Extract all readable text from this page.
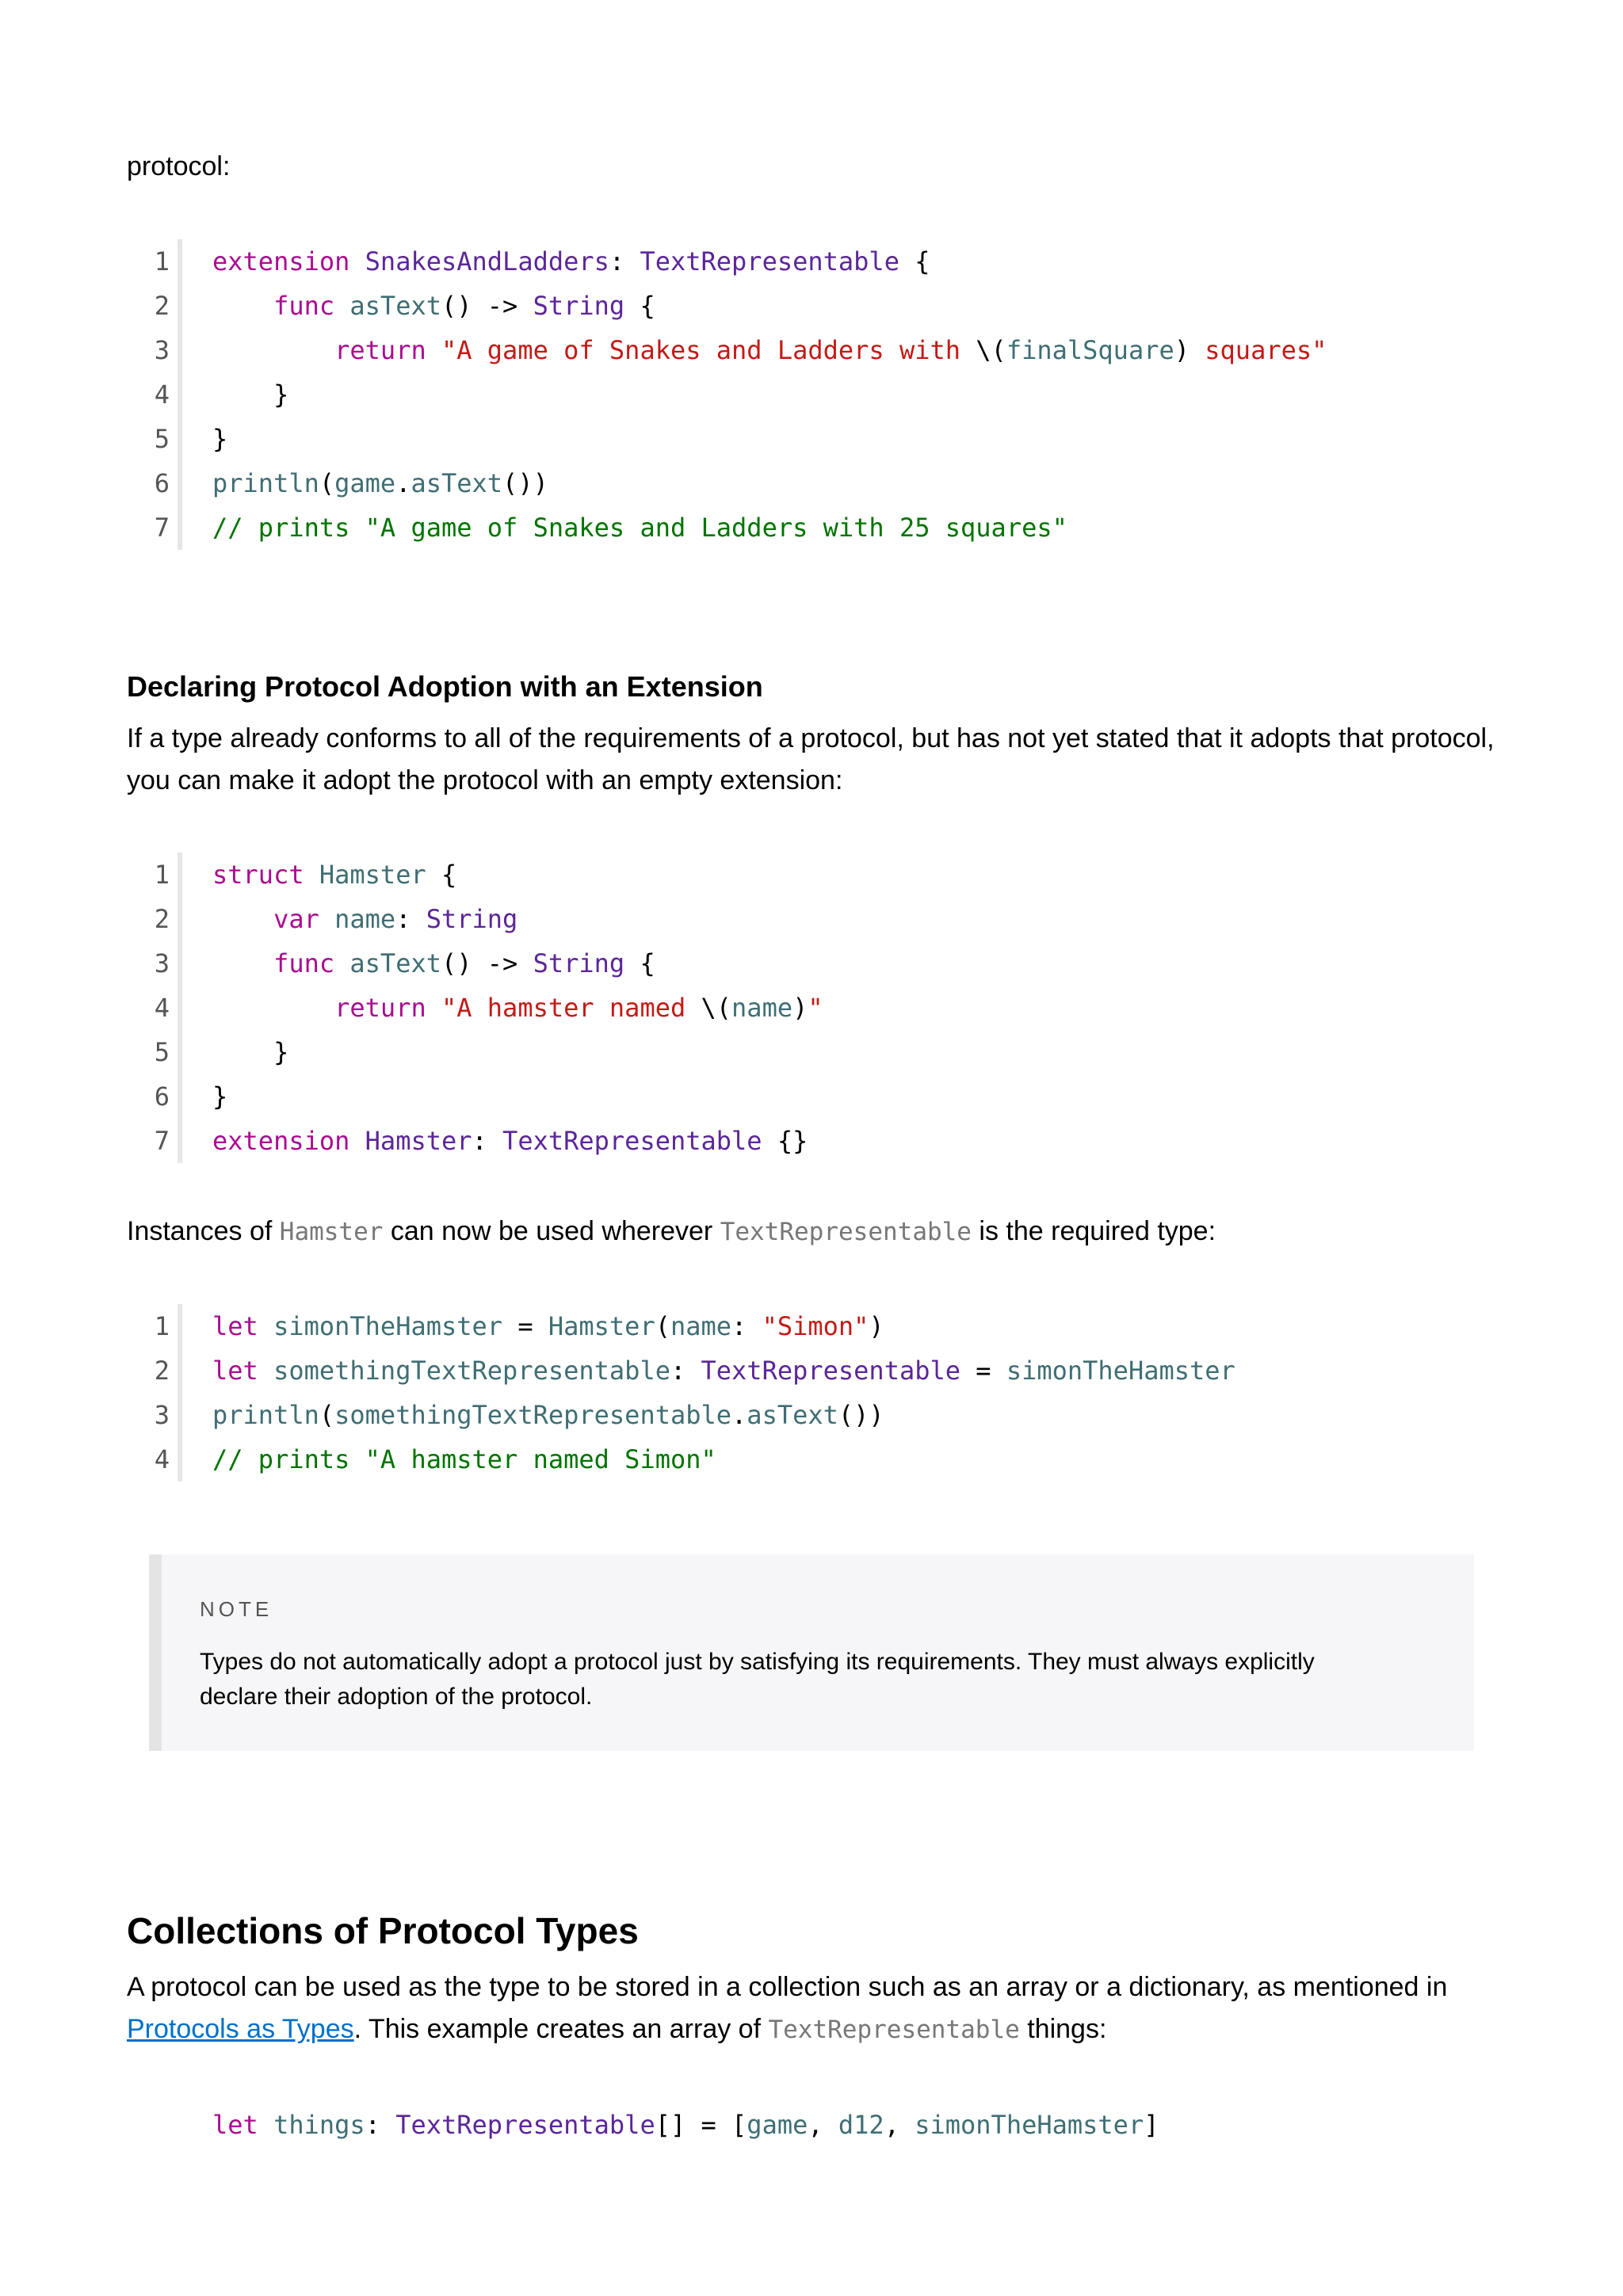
protocol:

1 extension SnakesAndLadders: TextRepresentable {
2	func asText() -> String {
3	return "A game of Snakes and Ladders with \(finalSquare) squares"
4 }
5 }
6 println(game.asText())
7 // prints "A game of Snakes and Ladders with 25 squares"
Declaring Protocol Adoption with an Extension

If a type already conforms to all of the requirements of a protocol, but has not yet stated that it adopts that protocol,
you can make it adopt the protocol with an empty extension:

1 struct Hamster {
2	var name: String
3	func asText() -> String {
4	return "A hamster named \(name)"
5 }
6 }
7 extension Hamster: TextRepresentable {}

Instances of Hamster can now be used wherever TextRepresentable is the required type:

1 let simonTheHamster = Hamster(name: "Simon")
2 let somethingTextRepresentable: TextRepresentable = simonTheHamster
3 println(somethingTextRepresentable.asText())
4 // prints "A hamster named Simon"
NOTE
Types do not automatically adopt a protocol just by satisfying its requirements. They must always explicitly
declare their adoption of the protocol.
Collections of Protocol Types

A protocol can be used as the type to be stored in a collection such as an array or a dictionary, as mentioned in
Protocols as Types. This example creates an array of TextRepresentable things:

let things: TextRepresentable[] = [game, d12, simonTheHamster]
